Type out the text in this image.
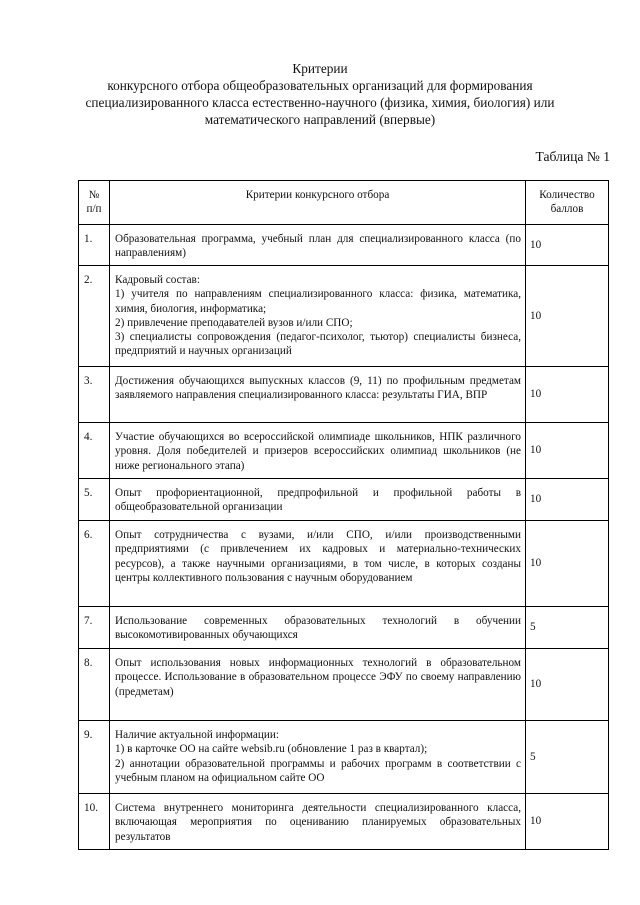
Критерии
конкурсного отбора общеобразовательных организаций для формирования
специализированного класса естественно-научного (физика, химия, биология) или
математического направлений (впервые)
Таблица № 1
№
п/п	Критерии конкурсного отбора	Количество
баллов

1.	Образовательная программа, учебный план для специализированного класса (по направлениям)	10
2.	Кадровый состав:
1) учителя по направлениям специализированного класса: физика, математика, химия, биология, информатика;
2) привлечение преподавателей вузов и/или СПО;
3) специалисты сопровождения (педагог-психолог, тьютор) специалисты бизнеса, предприятий и научных организаций	10
3.	Достижения обучающихся выпускных классов (9, 11) по профильным предметам заявляемого направления специализированного класса: результаты ГИА, ВПР	10
4.	Участие обучающихся во всероссийской олимпиаде школьников, НПК различного уровня. Доля победителей и призеров всероссийских олимпиад школьников (не ниже регионального этапа)	10
5.	Опыт профориентационной, предпрофильной и профильной работы в общеобразовательной организации	10
6.	Опыт сотрудничества с вузами, и/или СПО, и/или производственными предприятиями (с привлечением их кадровых и материально-технических ресурсов), а также научными организациями, в том числе, в которых созданы центры коллективного пользования с научным оборудованием	10
7.	Использование современных образовательных технологий в обучении высокомотивированных обучающихся	5
8.	Опыт использования новых информационных технологий в образовательном процессе. Использование в образовательном процессе ЭФУ по своему направлению (предметам)	10
9.	Наличие актуальной информации:
1) в карточке ОО на сайте websib.ru (обновление 1 раз в квартал);
2) аннотации образовательной программы и рабочих программ в соответствии с учебным планом на официальном сайте ОО	5
10.	Система внутреннего мониторинга деятельности специализированного класса, включающая мероприятия по оцениванию планируемых образовательных результатов	10
